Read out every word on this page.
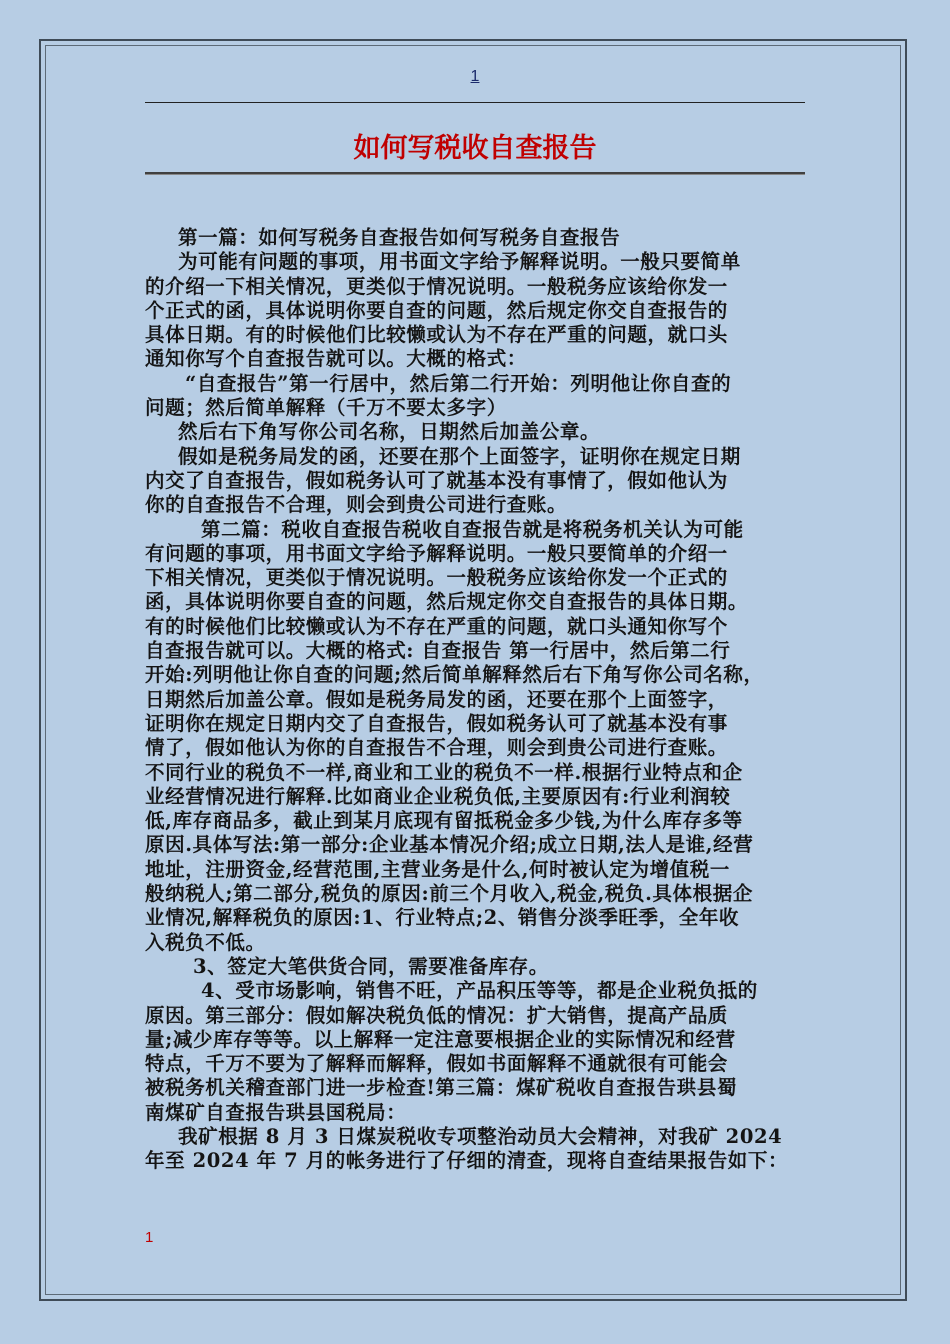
1
如何写税收自查报告
第一篇：如何写税务自查报告如何写税务自查报告
为可能有问题的事项，用书面文字给予解释说明。一般只要简单
的介绍一下相关情况，更类似于情况说明。一般税务应该给你发一
个正式的函，具体说明你要自查的问题，然后规定你交自查报告的
具体日期。有的时候他们比较懒或认为不存在严重的问题，就口头
通知你写个自查报告就可以。大概的格式：
“自查报告”第一行居中，然后第二行开始：列明他让你自查的
问题；然后简单解释（千万不要太多字）
然后右下角写你公司名称，日期然后加盖公章。
假如是税务局发的函，还要在那个上面签字，证明你在规定日期
内交了自查报告，假如税务认可了就基本没有事情了，假如他认为
你的自查报告不合理，则会到贵公司进行查账。
第二篇：税收自查报告税收自查报告就是将税务机关认为可能
有问题的事项，用书面文字给予解释说明。一般只要简单的介绍一
下相关情况，更类似于情况说明。一般税务应该给你发一个正式的
函，具体说明你要自查的问题，然后规定你交自查报告的具体日期。
有的时候他们比较懒或认为不存在严重的问题，就口头通知你写个
自查报告就可以。大概的格式: 自查报告 第一行居中，然后第二行
开始:列明他让你自查的问题;然后简单解释然后右下角写你公司名称，
日期然后加盖公章。假如是税务局发的函，还要在那个上面签字，
证明你在规定日期内交了自查报告，假如税务认可了就基本没有事
情了，假如他认为你的自查报告不合理，则会到贵公司进行查账。
不同行业的税负不一样,商业和工业的税负不一样.根据行业特点和企
业经营情况进行解释.比如商业企业税负低,主要原因有:行业利润较
低,库存商品多，截止到某月底现有留抵税金多少钱,为什么库存多等
原因.具体写法:第一部分:企业基本情况介绍;成立日期,法人是谁,经营
地址，注册资金,经营范围,主营业务是什么,何时被认定为增值税一
般纳税人;第二部分,税负的原因:前三个月收入,税金,税负.具体根据企
业情况,解释税负的原因:1、行业特点;2、销售分淡季旺季，全年收
入税负不低。
3、签定大笔供货合同，需要准备库存。
4、受市场影响，销售不旺，产品积压等等，都是企业税负抵的
原因。第三部分：假如解决税负低的情况：扩大销售，提高产品质
量;减少库存等等。以上解释一定注意要根据企业的实际情况和经营
特点，千万不要为了解释而解释，假如书面解释不通就很有可能会
被税务机关稽查部门进一步检查!第三篇：煤矿税收自查报告珙县蜀
南煤矿自查报告珙县国税局：
我矿根据 8 月 3 日煤炭税收专项整治动员大会精神，对我矿 2024
年至 2024 年 7 月的帐务进行了仔细的清查，现将自查结果报告如下：
1
